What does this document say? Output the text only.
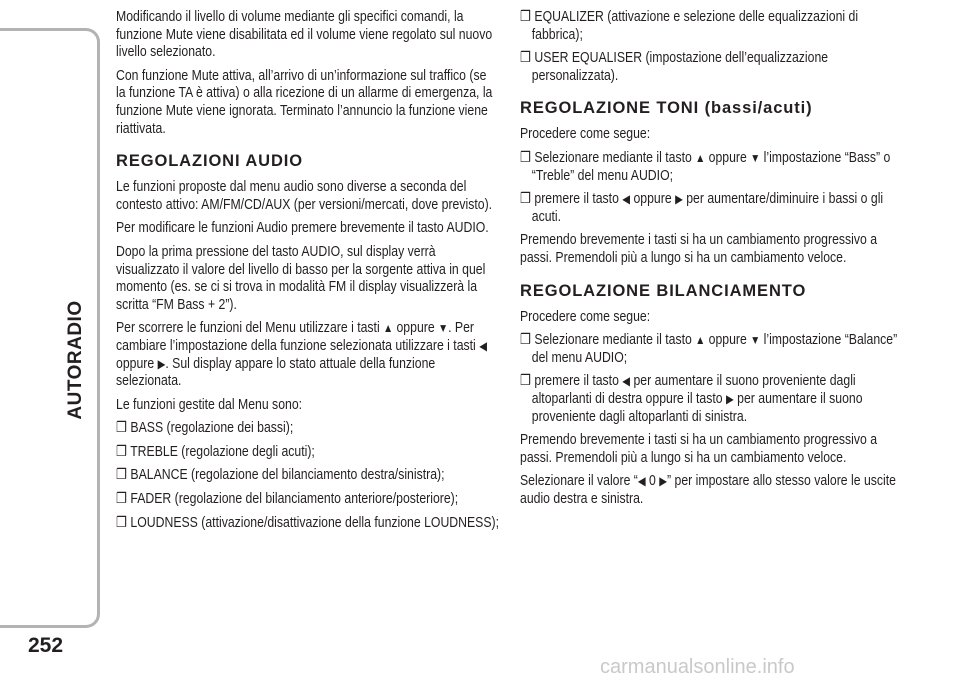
AUTORADIO
252

Modificando il livello di volume mediante gli specifici comandi, la funzione Mute viene disabilitata ed il volume viene regolato sul nuovo livello selezionato.

Con funzione Mute attiva, all’arrivo di un’informazione sul traffico (se la funzione TA è attiva) o alla ricezione di un allarme di emergenza, la funzione Mute viene ignorata. Terminato l’annuncio la funzione viene riattivata.

REGOLAZIONI AUDIO

Le funzioni proposte dal menu audio sono diverse a seconda del contesto attivo: AM/FM/CD/AUX (per versioni/mercati, dove previsto).

Per modificare le funzioni Audio premere brevemente il tasto AUDIO.

Dopo la prima pressione del tasto AUDIO, sul display verrà visualizzato il valore del livello di basso per la sorgente attiva in quel momento (es. se ci si trova in modalità FM il display visualizzerà la scritta “FM Bass + 2”).

Per scorrere le funzioni del Menu utilizzare i tasti ▲ oppure ▼. Per cambiare l’impostazione della funzione selezionata utilizzare i tasti ◀ oppure ▶. Sul display appare lo stato attuale della funzione selezionata.

Le funzioni gestite dal Menu sono:

❒ BASS (regolazione dei bassi);

❒ TREBLE (regolazione degli acuti);

❒ BALANCE (regolazione del bilanciamento destra/sinistra);

❒ FADER (regolazione del bilanciamento anteriore/posteriore);

❒ LOUDNESS (attivazione/disattivazione della funzione LOUDNESS);

❒ EQUALIZER (attivazione e selezione delle equalizzazioni di fabbrica);

❒ USER EQUALISER (impostazione dell’equalizzazione personalizzata).

REGOLAZIONE TONI (bassi/acuti)

Procedere come segue:

❒ Selezionare mediante il tasto ▲ oppure ▼ l’impostazione “Bass” o “Treble” del menu AUDIO;

❒ premere il tasto ◀ oppure ▶ per aumentare/diminuire i bassi o gli acuti.

Premendo brevemente i tasti si ha un cambiamento progressivo a passi. Premendoli più a lungo si ha un cambiamento veloce.

REGOLAZIONE BILANCIAMENTO

Procedere come segue:

❒ Selezionare mediante il tasto ▲ oppure ▼ l’impostazione “Balance” del menu AUDIO;

❒ premere il tasto ◀ per aumentare il suono proveniente dagli altoparlanti di destra oppure il tasto ▶ per aumentare il suono proveniente dagli altoparlanti di sinistra.

Premendo brevemente i tasti si ha un cambiamento progressivo a passi. Premendoli più a lungo si ha un cambiamento veloce.

Selezionare il valore “◀ 0 ▶” per impostare allo stesso valore le uscite audio destra e sinistra.

carmanualsonline.info
